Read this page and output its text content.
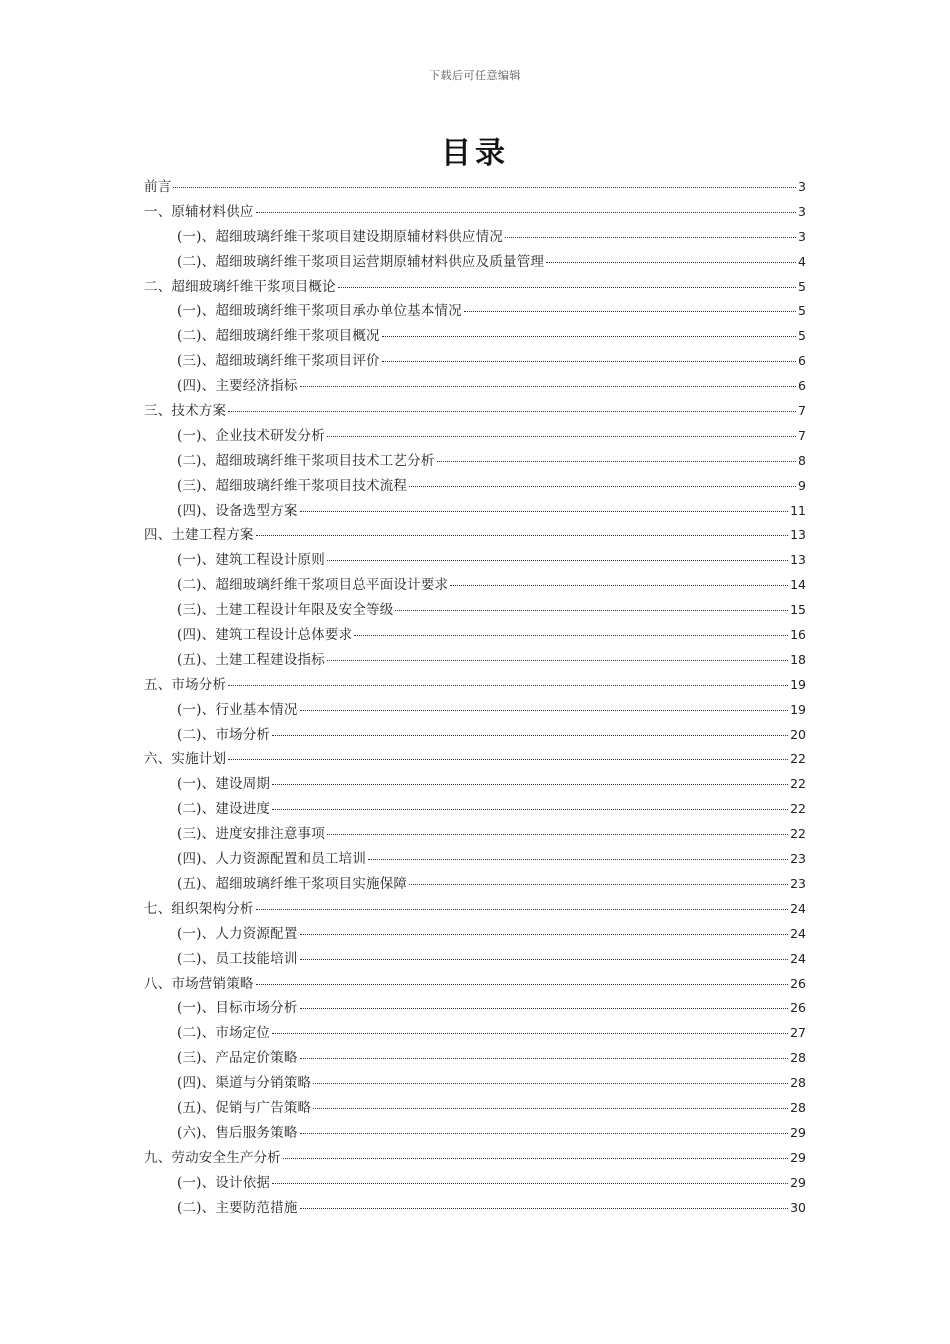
下载后可任意编辑
目录
前言	3
一、原辅材料供应	3
(一)、超细玻璃纤维干浆项目建设期原辅材料供应情况	3
(二)、超细玻璃纤维干浆项目运营期原辅材料供应及质量管理	4
二、超细玻璃纤维干浆项目概论	5
(一)、超细玻璃纤维干浆项目承办单位基本情况	5
(二)、超细玻璃纤维干浆项目概况	5
(三)、超细玻璃纤维干浆项目评价	6
(四)、主要经济指标	6
三、技术方案	7
(一)、企业技术研发分析	7
(二)、超细玻璃纤维干浆项目技术工艺分析	8
(三)、超细玻璃纤维干浆项目技术流程	9
(四)、设备选型方案	11
四、土建工程方案	13
(一)、建筑工程设计原则	13
(二)、超细玻璃纤维干浆项目总平面设计要求	14
(三)、土建工程设计年限及安全等级	15
(四)、建筑工程设计总体要求	16
(五)、土建工程建设指标	18
五、市场分析	19
(一)、行业基本情况	19
(二)、市场分析	20
六、实施计划	22
(一)、建设周期	22
(二)、建设进度	22
(三)、进度安排注意事项	22
(四)、人力资源配置和员工培训	23
(五)、超细玻璃纤维干浆项目实施保障	23
七、组织架构分析	24
(一)、人力资源配置	24
(二)、员工技能培训	24
八、市场营销策略	26
(一)、目标市场分析	26
(二)、市场定位	27
(三)、产品定价策略	28
(四)、渠道与分销策略	28
(五)、促销与广告策略	28
(六)、售后服务策略	29
九、劳动安全生产分析	29
(一)、设计依据	29
(二)、主要防范措施	30
